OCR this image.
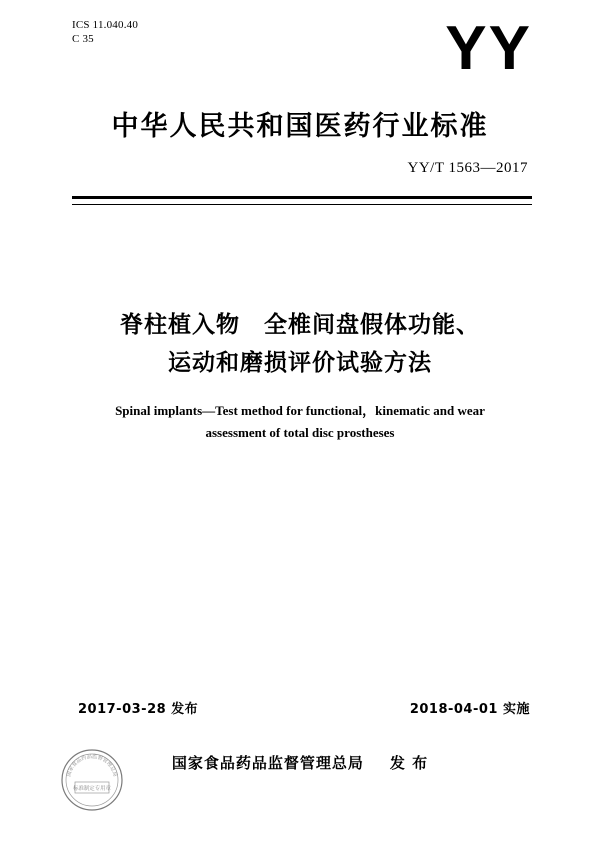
ICS 11.040.40
C 35	YY
中华人民共和国医药行业标准
YY/T 1563—2017
脊柱植入物　全椎间盘假体功能、
运动和磨损评价试验方法
Spinal implants—Test method for functional，kinematic and wear
assessment of total disc prostheses
2017-03-28 发布	2018-04-01 实施
国家食品药品监督管理总局 发 布
国家食品药品监督管理总局
标准制定专用章
